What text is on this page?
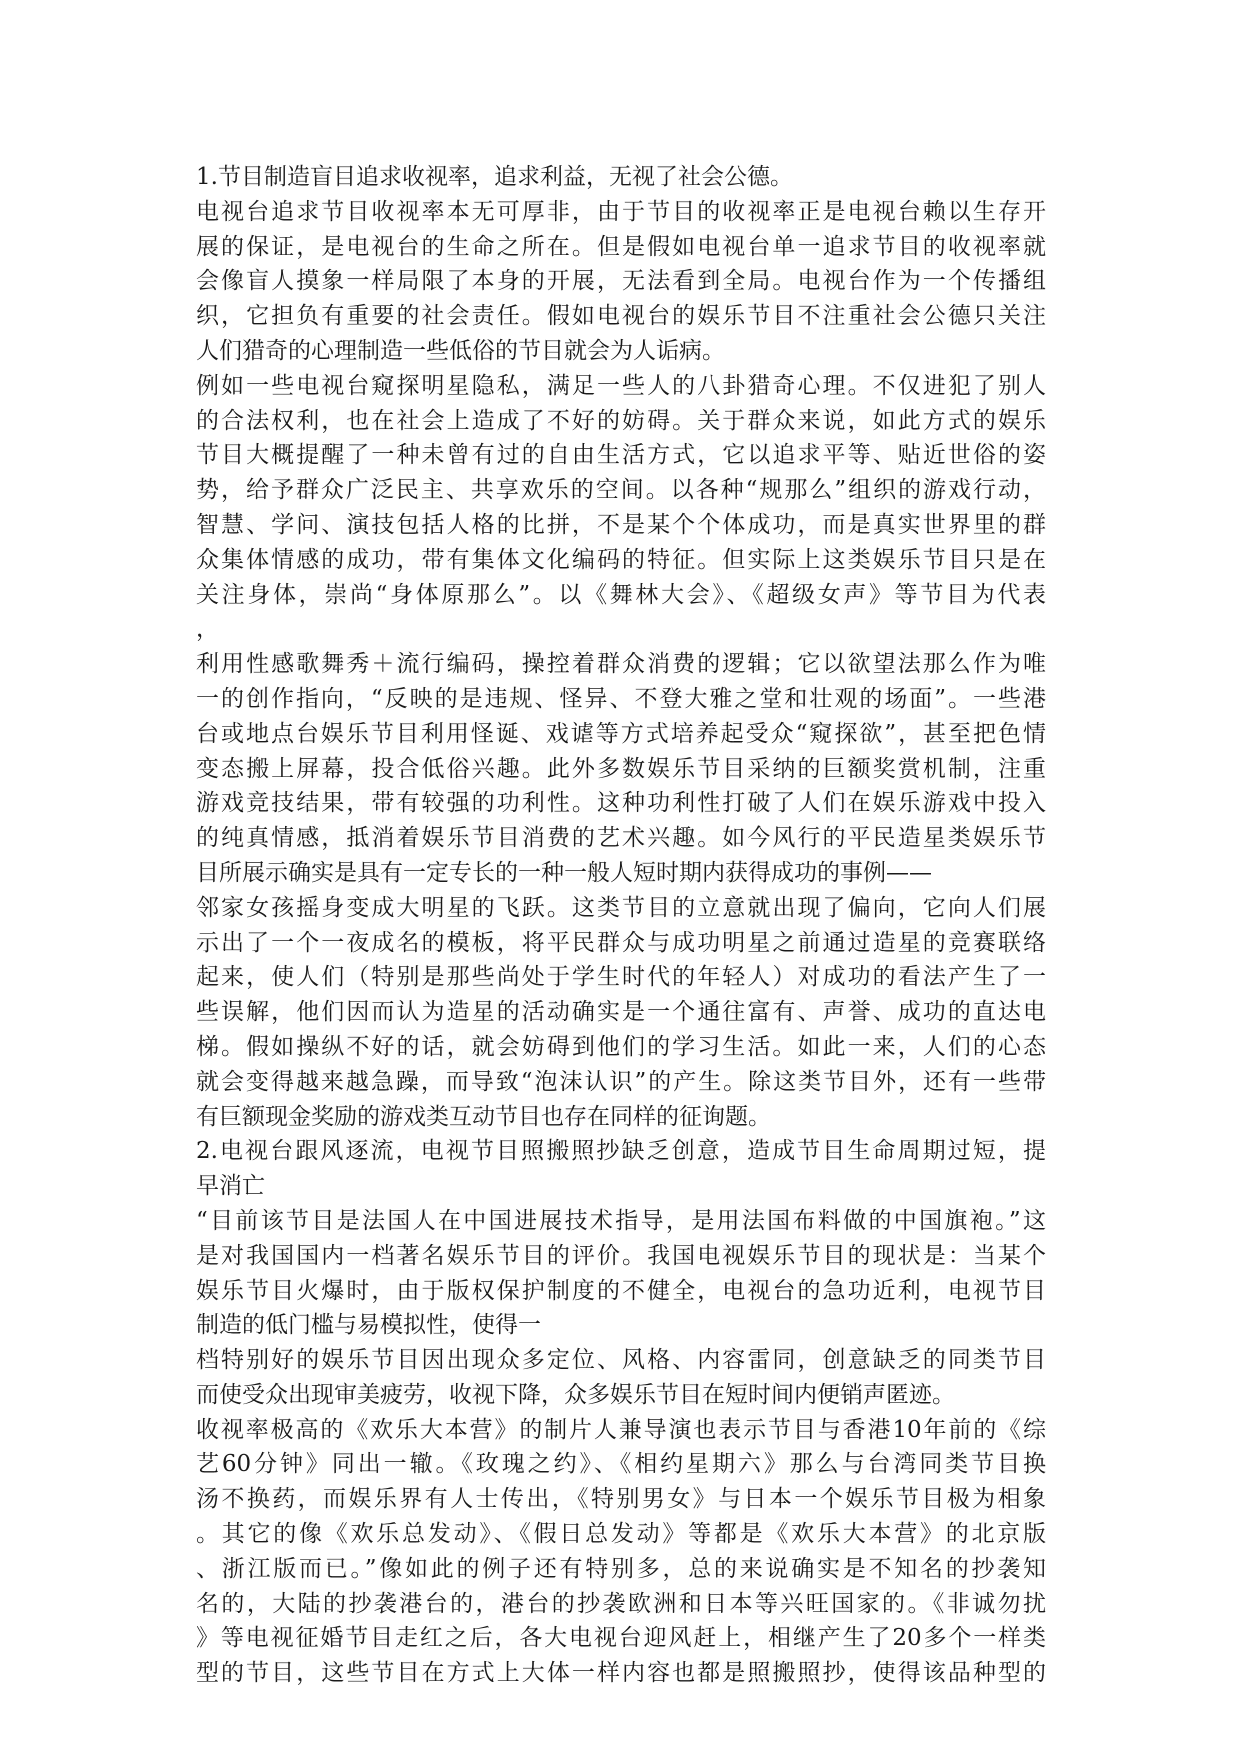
1.节目制造盲目追求收视率，追求利益，无视了社会公德。
电视台追求节目收视率本无可厚非，由于节目的收视率正是电视台赖以生存开
展的保证，是电视台的生命之所在。但是假如电视台单一追求节目的收视率就
会像盲人摸象一样局限了本身的开展，无法看到全局。电视台作为一个传播组
织，它担负有重要的社会责任。假如电视台的娱乐节目不注重社会公德只关注
人们猎奇的心理制造一些低俗的节目就会为人诟病。
例如一些电视台窥探明星隐私，满足一些人的八卦猎奇心理。不仅进犯了别人
的合法权利，也在社会上造成了不好的妨碍。关于群众来说，如此方式的娱乐
节目大概提醒了一种未曾有过的自由生活方式，它以追求平等、贴近世俗的姿
势，给予群众广泛民主、共享欢乐的空间。以各种“规那么”组织的游戏行动，
智慧、学问、演技包括人格的比拼，不是某个个体成功，而是真实世界里的群
众集体情感的成功，带有集体文化编码的特征。但实际上这类娱乐节目只是在
关注身体，崇尚“身体原那么”。以《舞林大会》、《超级女声》等节目为代表
，
利用性感歌舞秀＋流行编码，操控着群众消费的逻辑；它以欲望法那么作为唯
一的创作指向，“反映的是违规、怪异、不登大雅之堂和壮观的场面”。一些港
台或地点台娱乐节目利用怪诞、戏谑等方式培养起受众“窥探欲”，甚至把色情
变态搬上屏幕，投合低俗兴趣。此外多数娱乐节目采纳的巨额奖赏机制，注重
游戏竞技结果，带有较强的功利性。这种功利性打破了人们在娱乐游戏中投入
的纯真情感，抵消着娱乐节目消费的艺术兴趣。如今风行的平民造星类娱乐节
目所展示确实是具有一定专长的一种一般人短时期内获得成功的事例——
邻家女孩摇身变成大明星的飞跃。这类节目的立意就出现了偏向，它向人们展
示出了一个一夜成名的模板，将平民群众与成功明星之前通过造星的竞赛联络
起来，使人们（特别是那些尚处于学生时代的年轻人）对成功的看法产生了一
些误解，他们因而认为造星的活动确实是一个通往富有、声誉、成功的直达电
梯。假如操纵不好的话，就会妨碍到他们的学习生活。如此一来，人们的心态
就会变得越来越急躁，而导致“泡沫认识”的产生。除这类节目外，还有一些带
有巨额现金奖励的游戏类互动节目也存在同样的征询题。
2.电视台跟风逐流，电视节目照搬照抄缺乏创意，造成节目生命周期过短，提
早消亡
“目前该节目是法国人在中国进展技术指导，是用法国布料做的中国旗袍。”这
是对我国国内一档著名娱乐节目的评价。我国电视娱乐节目的现状是：当某个
娱乐节目火爆时，由于版权保护制度的不健全，电视台的急功近利，电视节目
制造的低门槛与易模拟性，使得一
档特别好的娱乐节目因出现众多定位、风格、内容雷同，创意缺乏的同类节目
而使受众出现审美疲劳，收视下降，众多娱乐节目在短时间内便销声匿迹。
收视率极高的《欢乐大本营》的制片人兼导演也表示节目与香港10年前的《综
艺60分钟》同出一辙。《玫瑰之约》、《相约星期六》那么与台湾同类节目换
汤不换药，而娱乐界有人士传出，《特别男女》与日本一个娱乐节目极为相象
。其它的像《欢乐总发动》、《假日总发动》等都是《欢乐大本营》的北京版
、浙江版而已。”像如此的例子还有特别多，总的来说确实是不知名的抄袭知
名的，大陆的抄袭港台的，港台的抄袭欧洲和日本等兴旺国家的。《非诚勿扰
》等电视征婚节目走红之后，各大电视台迎风赶上，相继产生了20多个一样类
型的节目，这些节目在方式上大体一样内容也都是照搬照抄，使得该品种型的
